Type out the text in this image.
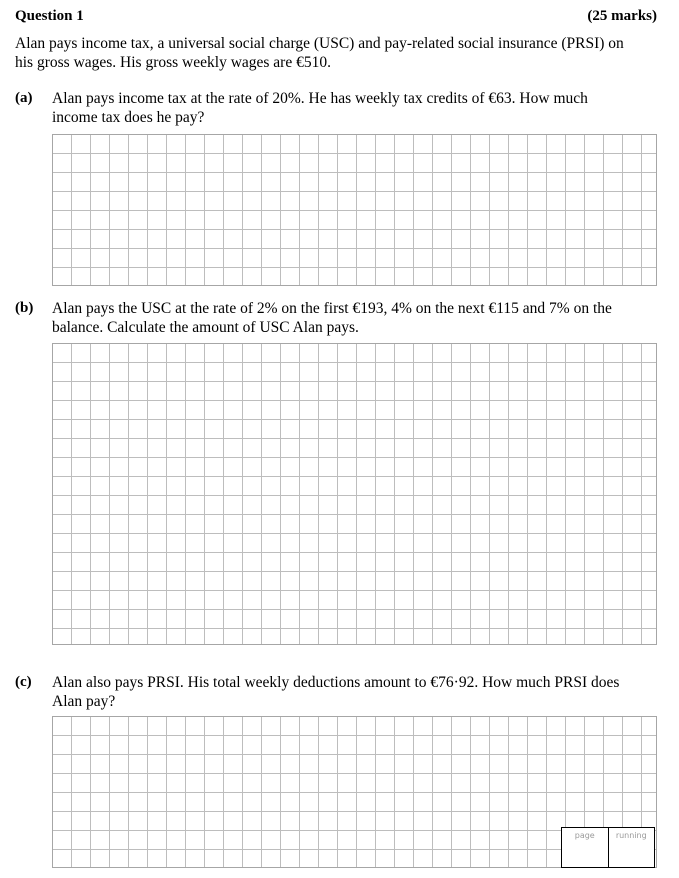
Question 1	(25 marks)
Alan pays income tax, a universal social charge (USC) and pay-related social insurance (PRSI) on
his gross wages. His gross weekly wages are €510.
(a) Alan pays income tax at the rate of 20%. He has weekly tax credits of €63. How much
income tax does he pay?
(b) Alan pays the USC at the rate of 2% on the first €193, 4% on the next €115 and 7% on the
balance. Calculate the amount of USC Alan pays.
(c) Alan also pays PRSI. His total weekly deductions amount to €76·92. How much PRSI does
Alan pay?
page	running
